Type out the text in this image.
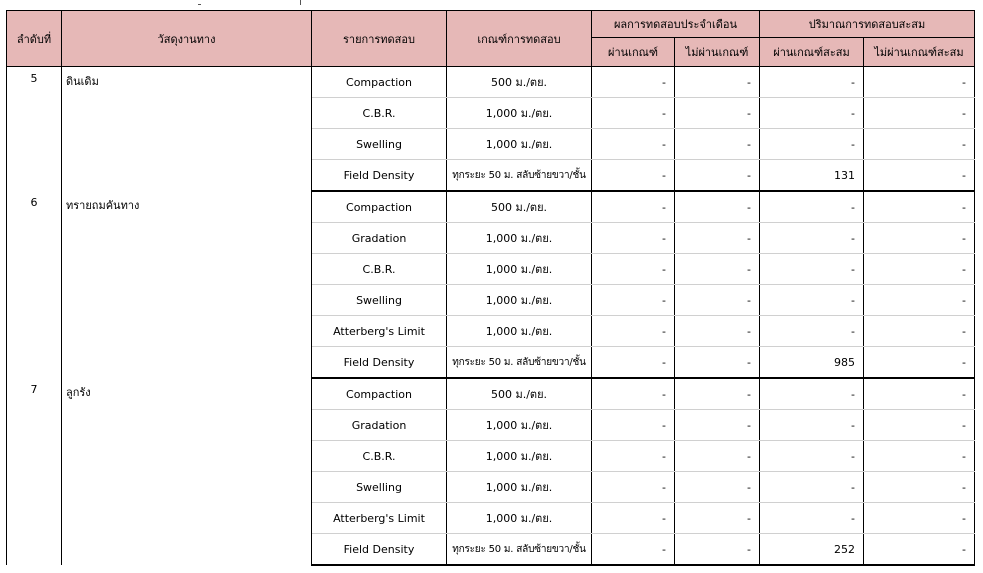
ลำดับที่	วัสดุงานทาง	รายการทดสอบ	เกณฑ์การทดสอบ	ผลการทดสอบประจำเดือน		ปริมาณการทดสอบสะสม	
				ผ่านเกณฑ์	ไม่ผ่านเกณฑ์	ผ่านเกณฑ์สะสม	ไม่ผ่านเกณฑ์สะสม
5	ดินเดิม	Compaction	500 ม./ตย.	-	-	-	-
		C.B.R.	1,000 ม./ตย.	-	-	-	-
		Swelling	1,000 ม./ตย.	-	-	-	-
		Field Density	ทุกระยะ 50 ม. สลับซ้ายขวา/ชั้น	-	-	131	-
6	ทรายถมคันทาง	Compaction	500 ม./ตย.	-	-	-	-
		Gradation	1,000 ม./ตย.	-	-	-	-
		C.B.R.	1,000 ม./ตย.	-	-	-	-
		Swelling	1,000 ม./ตย.	-	-	-	-
		Atterberg's Limit	1,000 ม./ตย.	-	-	-	-
		Field Density	ทุกระยะ 50 ม. สลับซ้ายขวา/ชั้น	-	-	985	-
7	ลูกรัง	Compaction	500 ม./ตย.	-	-	-	-
		Gradation	1,000 ม./ตย.	-	-	-	-
		C.B.R.	1,000 ม./ตย.	-	-	-	-
		Swelling	1,000 ม./ตย.	-	-	-	-
		Atterberg's Limit	1,000 ม./ตย.	-	-	-	-
		Field Density	ทุกระยะ 50 ม. สลับซ้ายขวา/ชั้น	-	-	252	-
